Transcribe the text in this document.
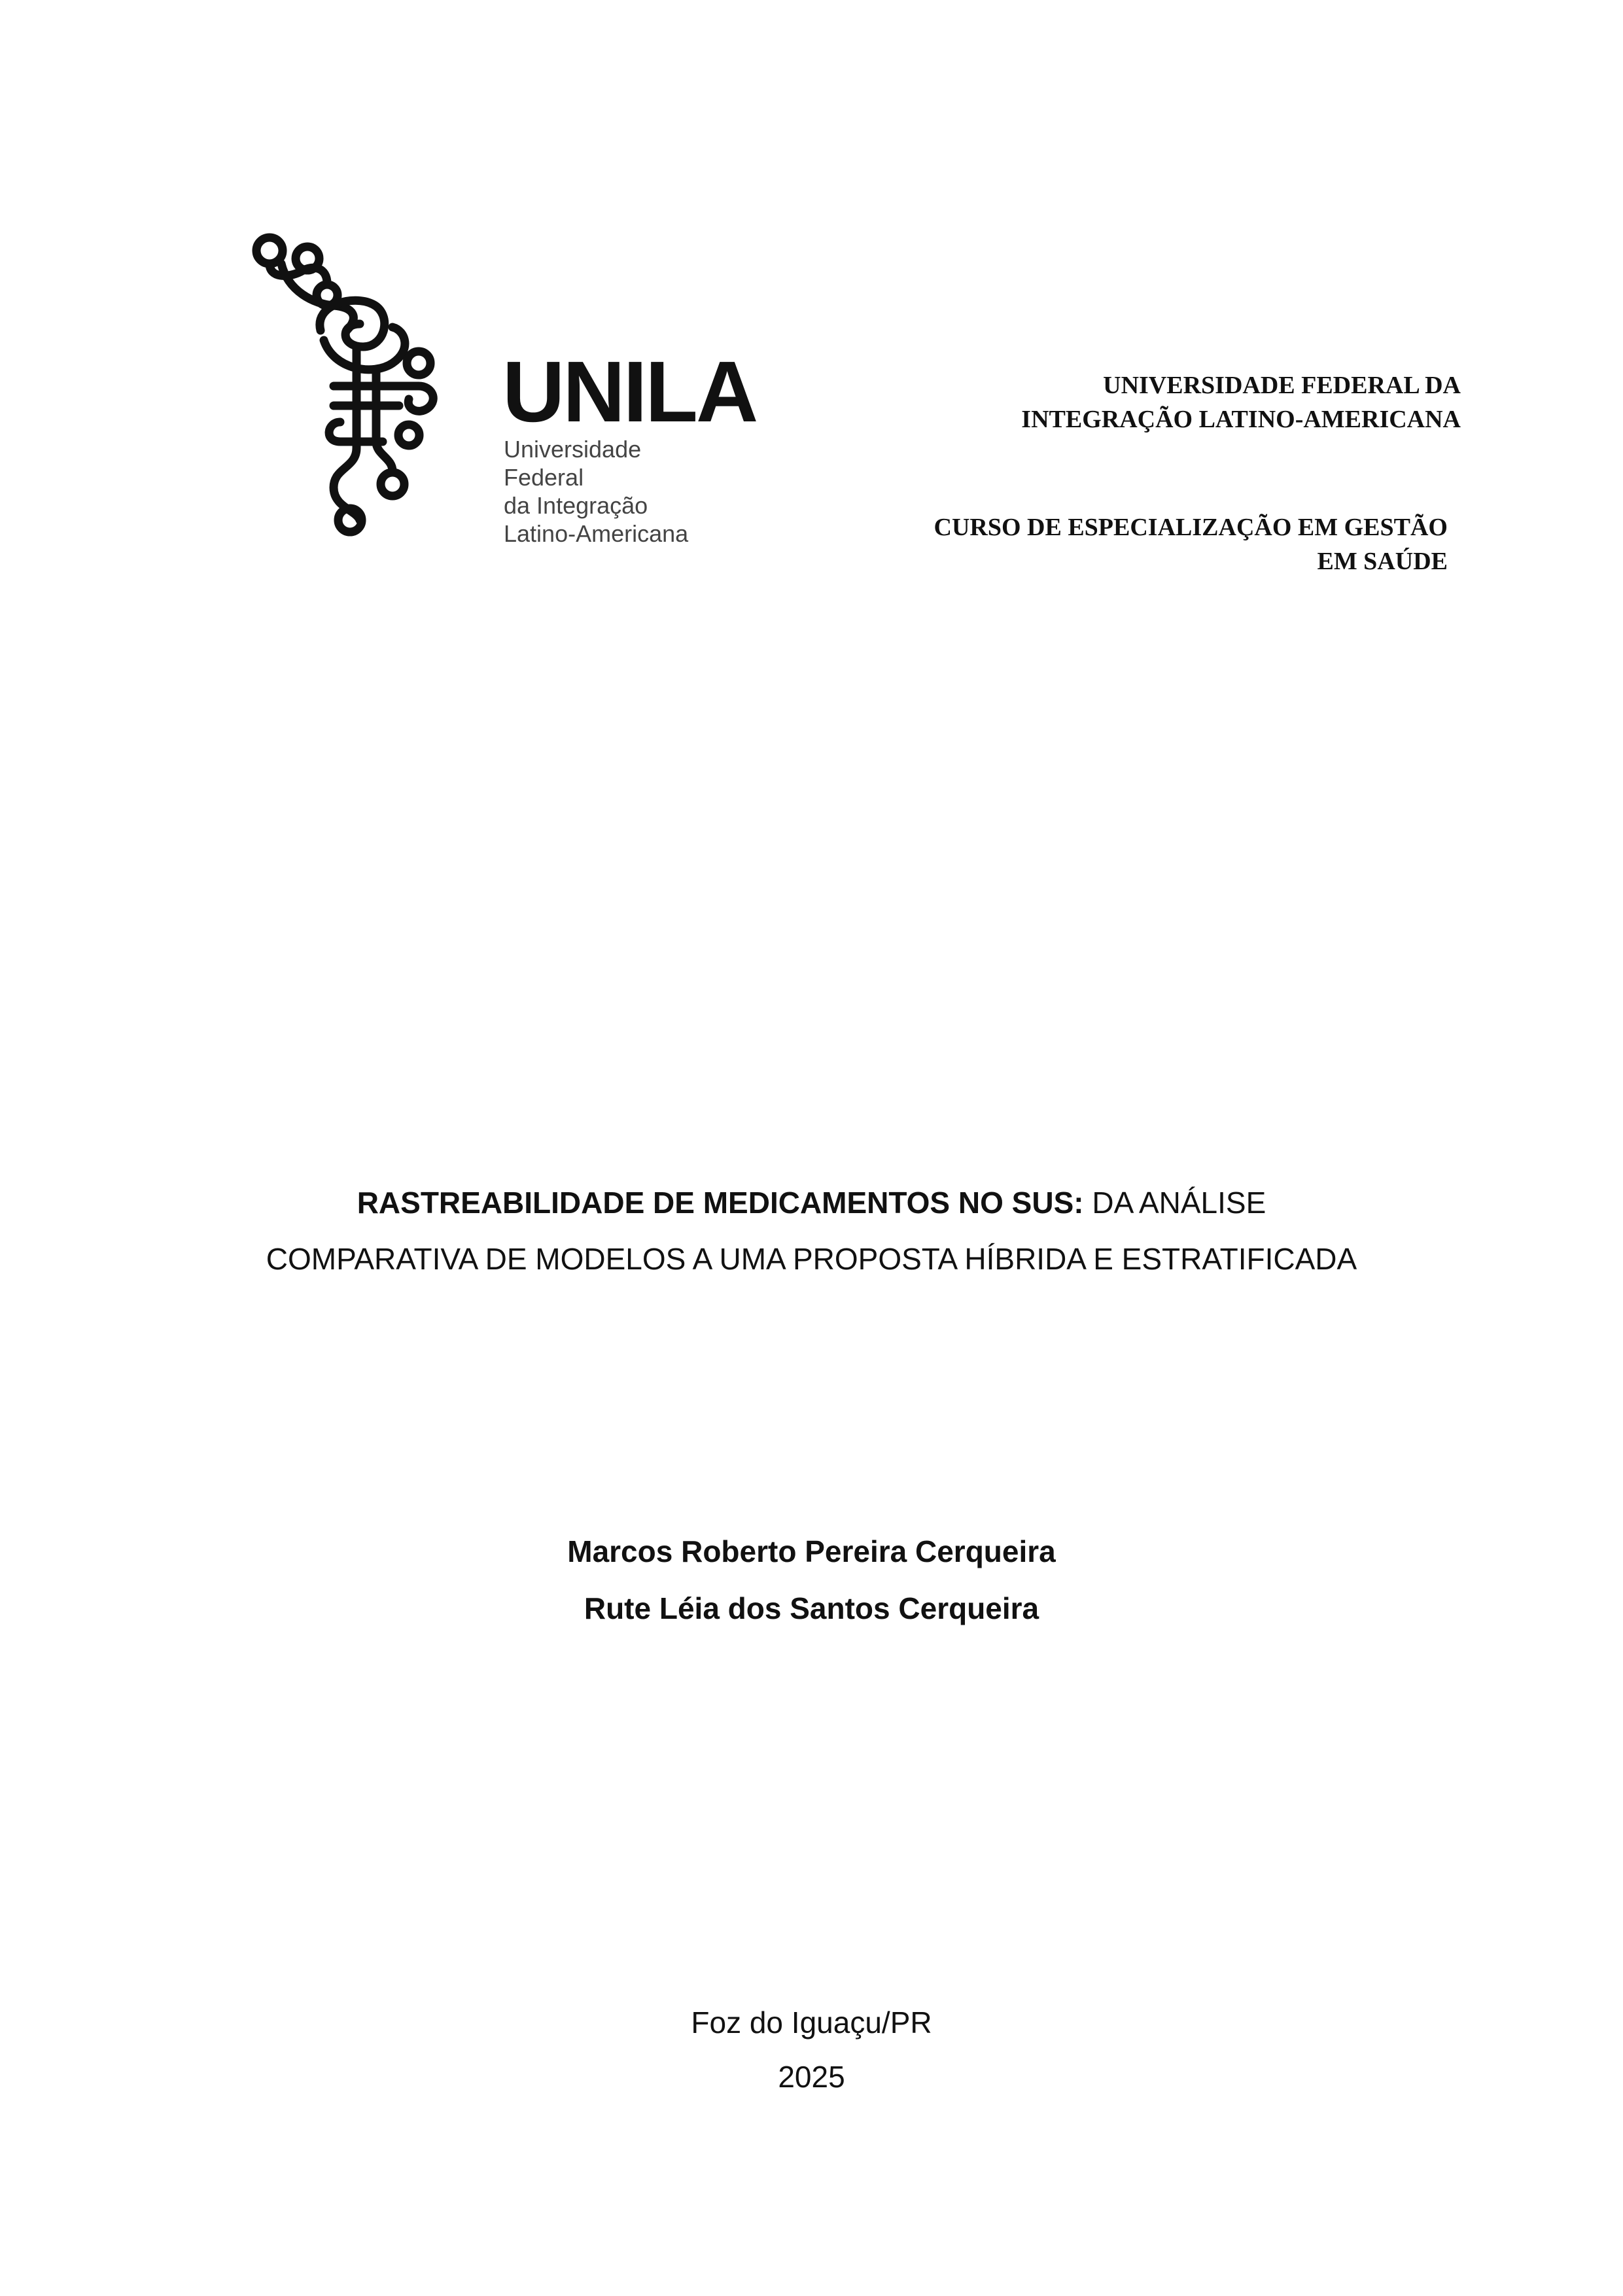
UNILA
Universidade Federal
da Integração
Latino-Americana
UNIVERSIDADE FEDERAL DA
INTEGRAÇÃO LATINO-AMERICANA
CURSO DE ESPECIALIZAÇÃO EM GESTÃO
EM SAÚDE
RASTREABILIDADE DE MEDICAMENTOS NO SUS: DA ANÁLISE
COMPARATIVA DE MODELOS A UMA PROPOSTA HÍBRIDA E ESTRATIFICADA
Marcos Roberto Pereira Cerqueira
Rute Léia dos Santos Cerqueira
Foz do Iguaçu/PR
2025
